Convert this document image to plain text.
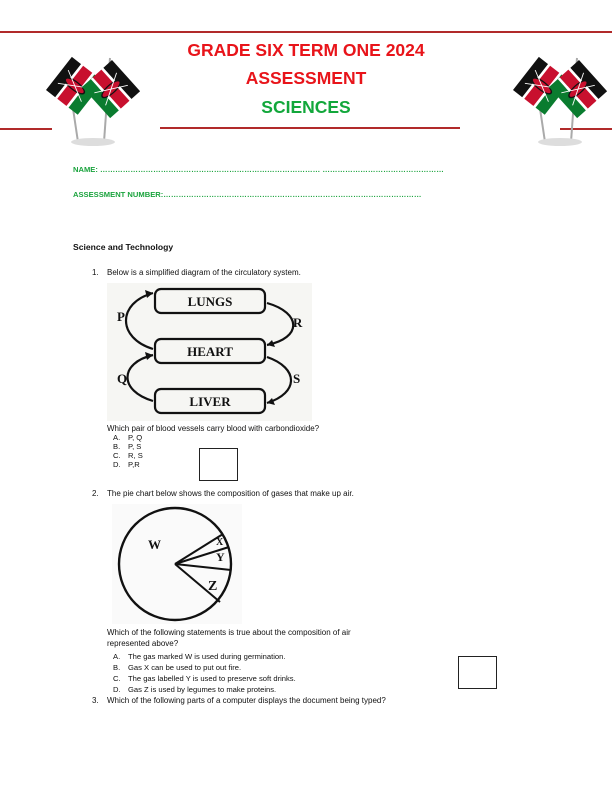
GRADE SIX TERM ONE 2024
ASSESSMENT
SCIENCES
NAME: …………………………………………………………………………… …………………………………………
ASSESSMENT NUMBER:…………………………………………………………………………………………
Science and Technology
1. Below is a simplified diagram of the circulatory system.
LUNGS
HEART
LIVER
P	R
Q	S
Which pair of blood vessels carry blood with carbondioxide?
A. P, Q
B. P, S
C. R, S
D. P,R
2. The pie chart below shows the composition of gases that make up air.
W	X
Y
Z
Which of the following statements is true about the composition of air
represented above?
A. The gas marked W is used during germination.
B. Gas X can be used to put out fire.
C. The gas labelled Y is used to preserve soft drinks.
D. Gas Z is used by legumes to make proteins.
3. Which of the following parts of a computer displays the document being typed?
